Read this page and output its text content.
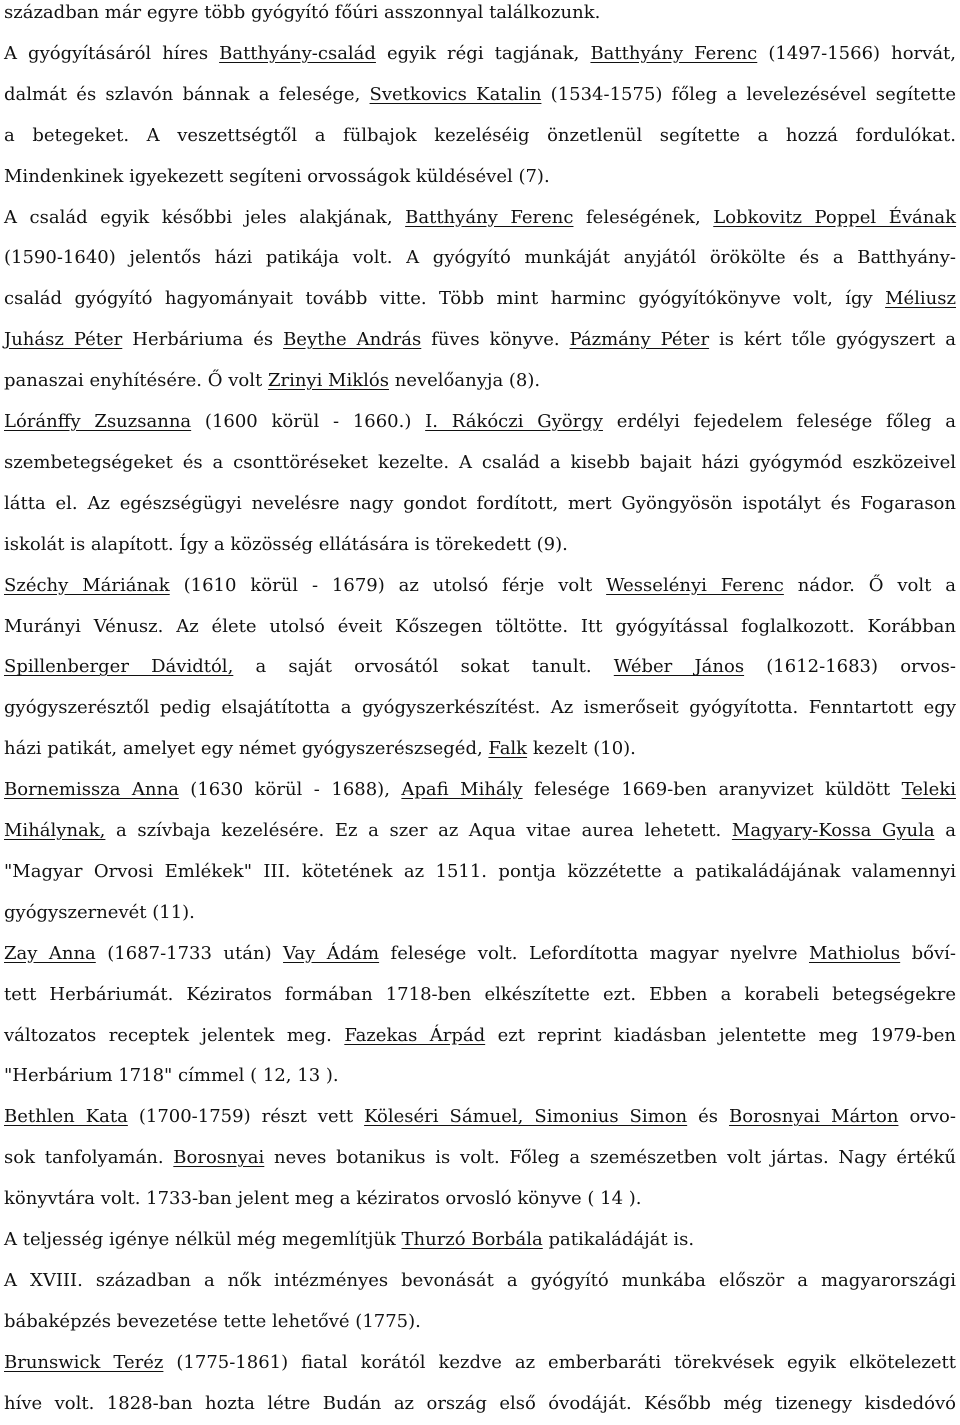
században már egyre több gyógyító főúri asszonnyal találkozunk.

A gyógyításáról híres Batthyány-család egyik régi tagjának, Batthyány Ferenc (1497-1566) horvát,

dalmát és szlavón bánnak a felesége, Svetkovics Katalin (1534-1575) főleg a levelezésével segítette

a betegeket. A veszettségtől a fülbajok kezeléséig önzetlenül segítette a hozzá fordulókat.

Mindenkinek igyekezett segíteni orvosságok küldésével (7).

A család egyik későbbi jeles alakjának, Batthyány Ferenc feleségének, Lobkovitz Poppel Évának

(1590-1640) jelentős házi patikája volt. A gyógyító munkáját anyjától örökölte és a Batthyány-

család gyógyító hagyományait tovább vitte. Több mint harminc gyógyítókönyve volt, így Méliusz

Juhász Péter Herbáriuma és Beythe András füves könyve. Pázmány Péter is kért tőle gyógyszert a

panaszai enyhítésére. Ő volt Zrinyi Miklós nevelőanyja (8).

Lóránffy Zsuzsanna (1600 körül - 1660.) I. Rákóczi György erdélyi fejedelem felesége főleg a

szembetegségeket és a csonttöréseket kezelte. A család a kisebb bajait házi gyógymód eszközeivel

látta el. Az egészségügyi nevelésre nagy gondot fordított, mert Gyöngyösön ispotályt és Fogarason

iskolát is alapított. Így a közösség ellátására is törekedett (9).

Széchy Máriának (1610 körül - 1679) az utolsó férje volt Wesselényi Ferenc nádor. Ő volt a

Murányi Vénusz. Az élete utolsó éveit Kőszegen töltötte. Itt gyógyítással foglalkozott. Korábban

Spillenberger Dávidtól, a saját orvosától sokat tanult. Wéber János (1612-1683) orvos-

gyógyszerésztől pedig elsajátította a gyógyszerkészítést. Az ismerőseit gyógyította. Fenntartott egy

házi patikát, amelyet egy német gyógyszerészsegéd, Falk kezelt (10).

Bornemissza Anna (1630 körül - 1688), Apafi Mihály felesége 1669-ben aranyvizet küldött Teleki

Mihálynak, a szívbaja kezelésére. Ez a szer az Aqua vitae aurea lehetett. Magyary-Kossa Gyula a

"Magyar Orvosi Emlékek" III. kötetének az 1511. pontja közzétette a patikaládájának valamennyi

gyógyszernevét (11).

Zay Anna (1687-1733 után) Vay Ádám felesége volt. Lefordította magyar nyelvre Mathiolus bőví-

tett Herbáriumát. Kéziratos formában 1718-ben elkészítette ezt. Ebben a korabeli betegségekre

változatos receptek jelentek meg. Fazekas Árpád ezt reprint kiadásban jelentette meg 1979-ben

"Herbárium 1718" címmel ( 12, 13 ).

Bethlen Kata (1700-1759) részt vett Köleséri Sámuel, Simonius Simon és Borosnyai Márton orvo-

sok tanfolyamán. Borosnyai neves botanikus is volt. Főleg a szemészetben volt jártas. Nagy értékű

könyvtára volt. 1733-ban jelent meg a kéziratos orvosló könyve ( 14 ).

A teljesség igénye nélkül még megemlítjük Thurzó Borbála patikaládáját is.

A XVIII. században a nők intézményes bevonását a gyógyító munkába először a magyarországi

bábaképzés bevezetése tette lehetővé (1775).

Brunswick Teréz (1775-1861) fiatal korától kezdve az emberbaráti törekvések egyik elkötelezett

híve volt. 1828-ban hozta létre Budán az ország első óvodáját. Később még tizenegy kisdedóvó
